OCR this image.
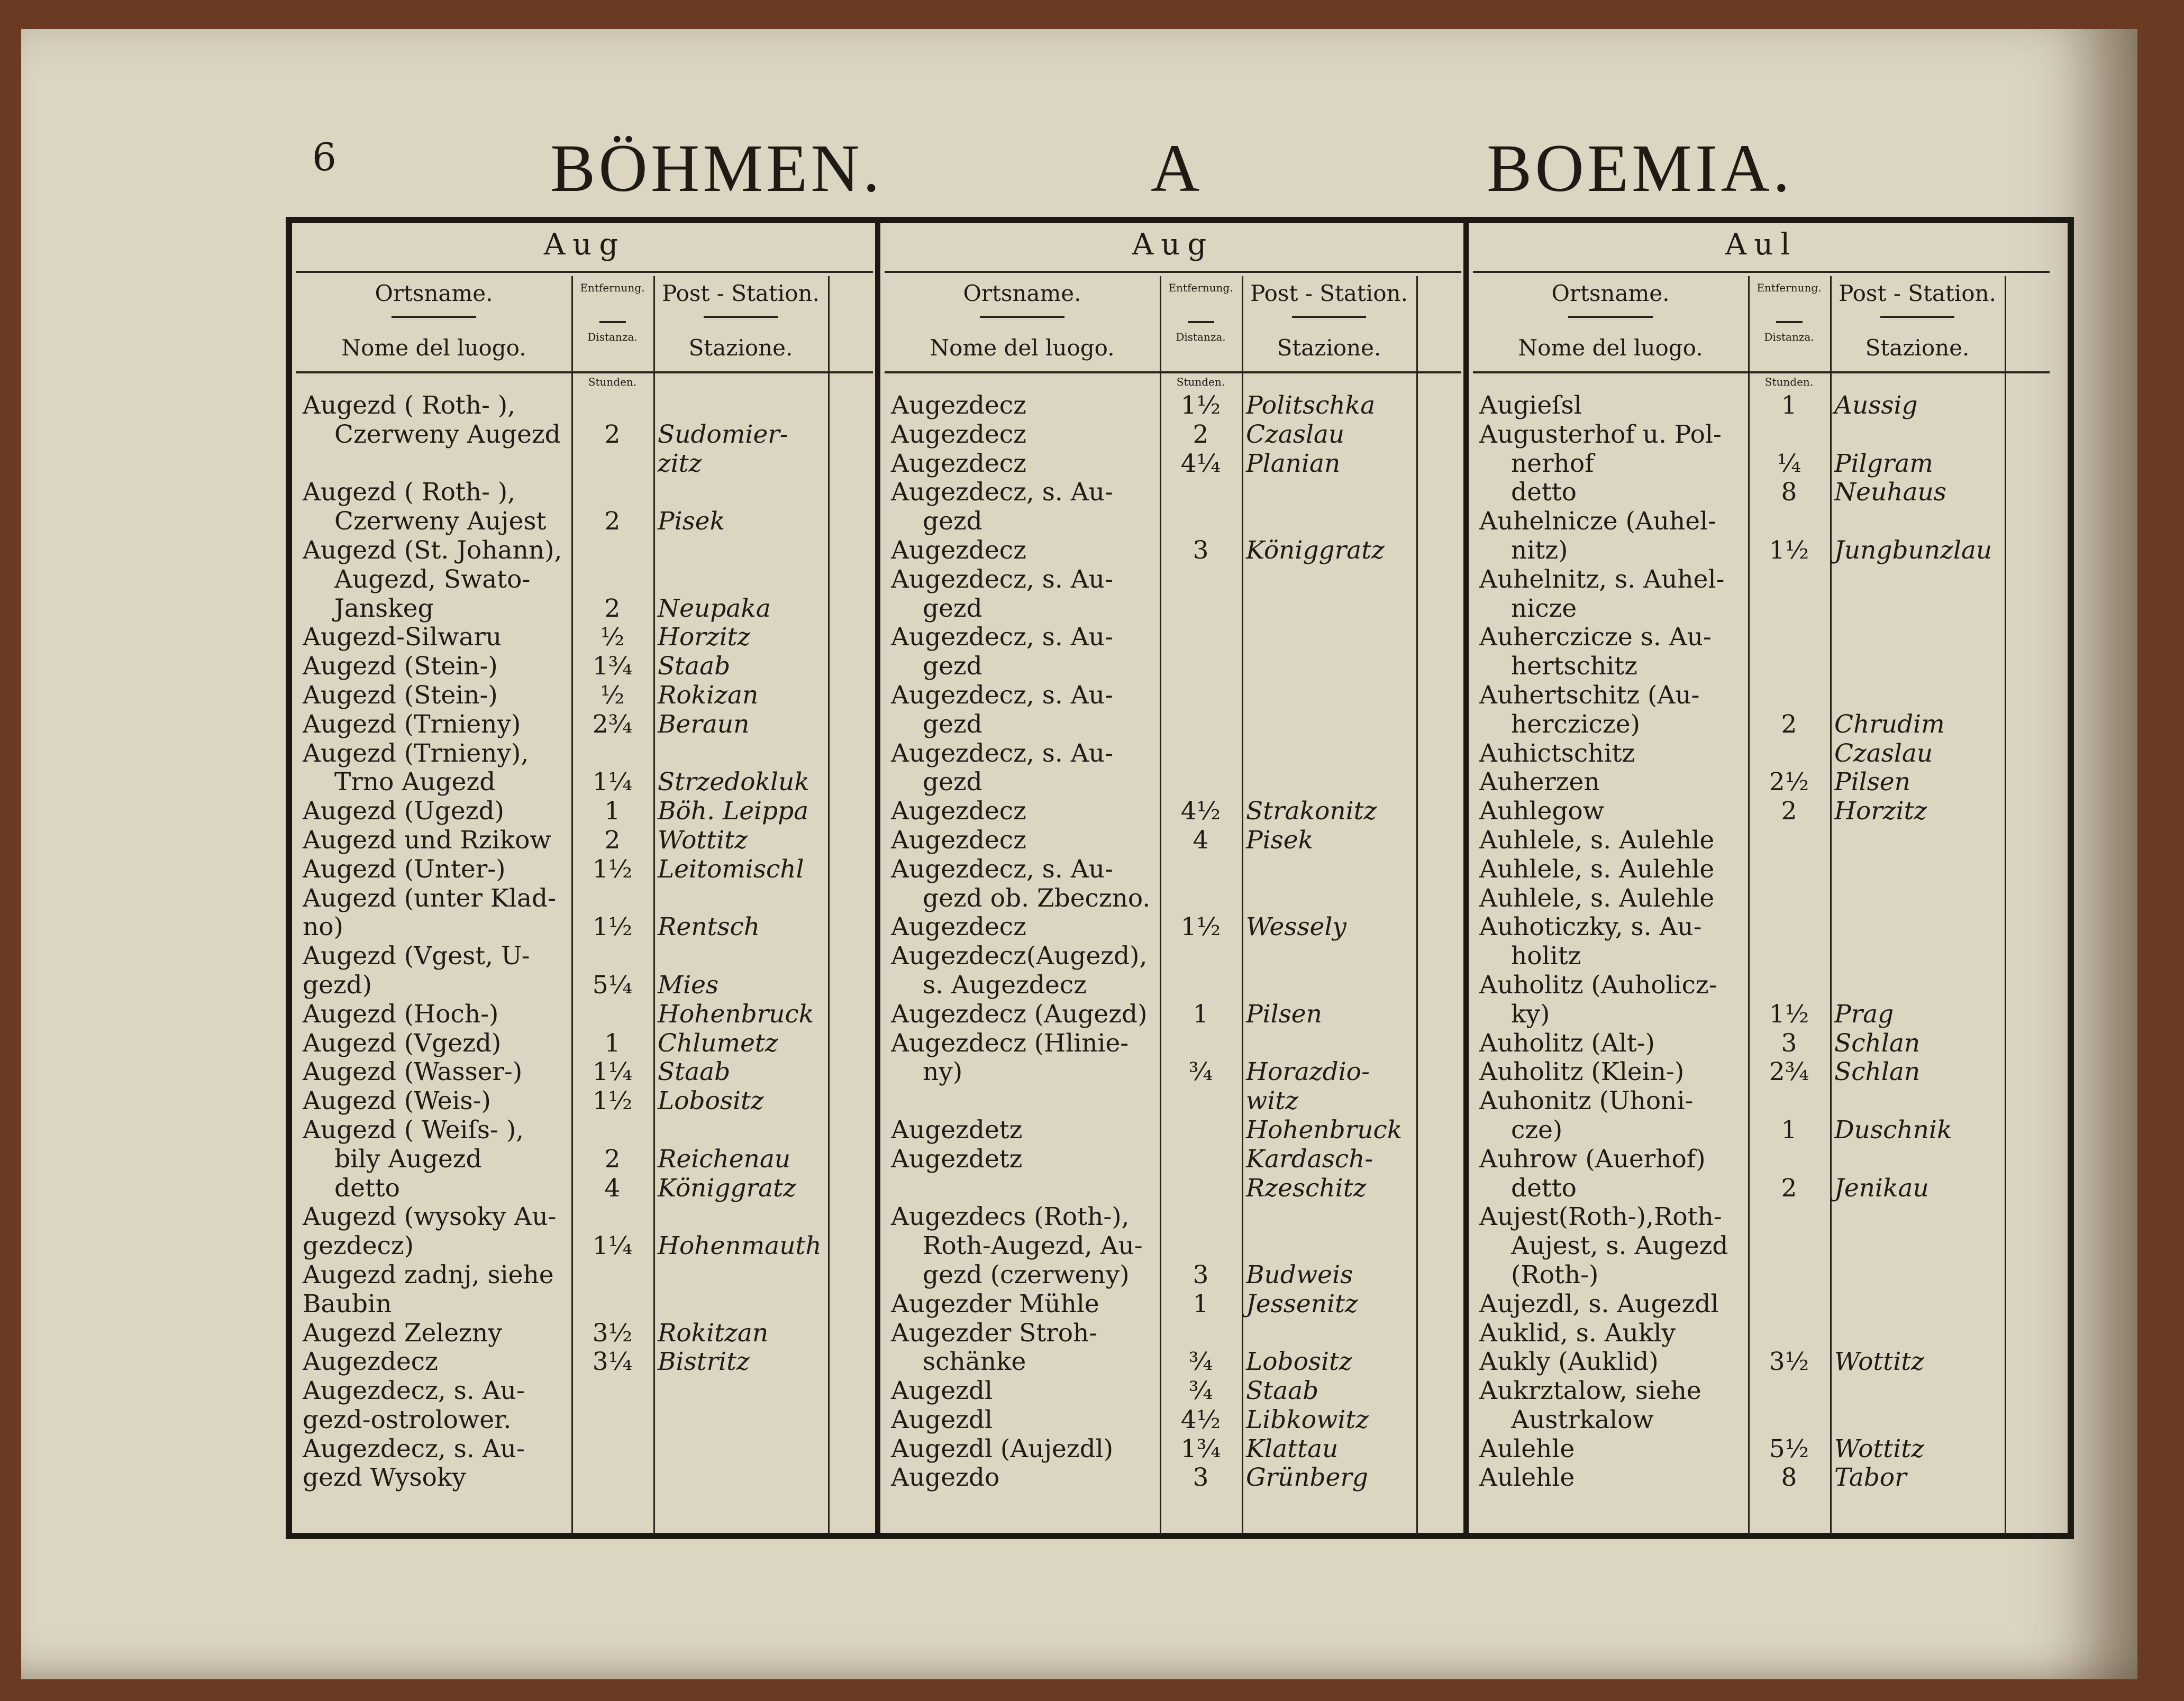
6	BÖHMEN.	A	BOEMIA.
Aug
Ortsname.
Nome del luogo.
Entfernung.
Distanza.
Post - Station.
Stazione.
Stunden.
Augezd ( Roth- ),
Czerweny Augezd	2	Sudomier-
zitz
Augezd ( Roth- ),
Czerweny Aujest	2	Pisek
Augezd (St. Johann),
Augezd, Swato-
Janskeg	2	Neupaka
Augezd-Silwaru	½	Horzitz
Augezd (Stein-)	1¾	Staab
Augezd (Stein-)	½	Rokizan
Augezd (Trnieny)	2¾	Beraun
Augezd (Trnieny),
Trno Augezd	1¼	Strzedokluk
Augezd (Ugezd)	1	Böh. Leippa
Augezd und Rzikow	2	Wottitz
Augezd (Unter-)	1½	Leitomischl
Augezd (unter Klad-
no)	1½	Rentsch
Augezd (Vgest, U-
gezd)	5¼	Mies
Augezd (Hoch-)	Hohenbruck
Augezd (Vgezd)	1	Chlumetz
Augezd (Wasser-)	1¼	Staab
Augezd (Weis-)	1½	Lobositz
Augezd ( Weiſs- ),
bily Augezd	2	Reichenau
detto	4	Königgratz
Augezd (wysoky Au-
gezdecz)	1¼	Hohenmauth
Augezd zadnj, siehe
Baubin
Augezd Zelezny	3½	Rokitzan
Augezdecz	3¼	Bistritz
Augezdecz, s. Au-
gezd-ostrolower.
Augezdecz, s. Au-
gezd Wysoky
Aug
Ortsname.
Nome del luogo.
Entfernung.
Distanza.
Post - Station.
Stazione.
Stunden.
Augezdecz	1½	Politschka
Augezdecz	2	Czaslau
Augezdecz	4¼	Planian
Augezdecz, s. Au-
gezd
Augezdecz	3	Königgratz
Augezdecz, s. Au-
gezd
Augezdecz, s. Au-
gezd
Augezdecz, s. Au-
gezd
Augezdecz, s. Au-
gezd
Augezdecz	4½	Strakonitz
Augezdecz	4	Pisek
Augezdecz, s. Au-
gezd ob. Zbeczno.
Augezdecz	1½	Wessely
Augezdecz(Augezd),
s. Augezdecz
Augezdecz (Augezd)	1	Pilsen
Augezdecz (Hlinie-
ny)	¾	Horazdio-
witz
Augezdetz	Hohenbruck
Augezdetz	Kardasch-
Rzeschitz
Augezdecs (Roth-),
Roth-Augezd, Au-
gezd (czerweny)	3	Budweis
Augezder Mühle	1	Jessenitz
Augezder Stroh-
schänke	¾	Lobositz
Augezdl	¾	Staab
Augezdl	4½	Libkowitz
Augezdl (Aujezdl)	1¾	Klattau
Augezdo	3	Grünberg
Aul
Ortsname.
Nome del luogo.
Entfernung.
Distanza.
Post - Station.
Stazione.
Stunden.
Augieſsl	1	Aussig
Augusterhof u. Pol-
nerhof	¼	Pilgram
detto	8	Neuhaus
Auhelnicze (Auhel-
nitz)	1½	Jungbunzlau
Auhelnitz, s. Auhel-
nicze
Auherczicze s. Au-
hertschitz
Auhertschitz (Au-
herczicze)	2	Chrudim
Auhictschitz	Czaslau
Auherzen	2½	Pilsen
Auhlegow	2	Horzitz
Auhlele, s. Aulehle
Auhlele, s. Aulehle
Auhlele, s. Aulehle
Auhoticzky, s. Au-
holitz
Auholitz (Auholicz-
ky)	1½	Prag
Auholitz (Alt-)	3	Schlan
Auholitz (Klein-)	2¾	Schlan
Auhonitz (Uhoni-
cze)	1	Duschnik
Auhrow (Auerhof)
detto	2	Jenikau
Aujest(Roth-),Roth-
Aujest, s. Augezd
(Roth-)
Aujezdl, s. Augezdl
Auklid, s. Aukly
Aukly (Auklid)	3½	Wottitz
Aukrztalow, siehe
Austrkalow
Aulehle	5½	Wottitz
Aulehle	8	Tabor
